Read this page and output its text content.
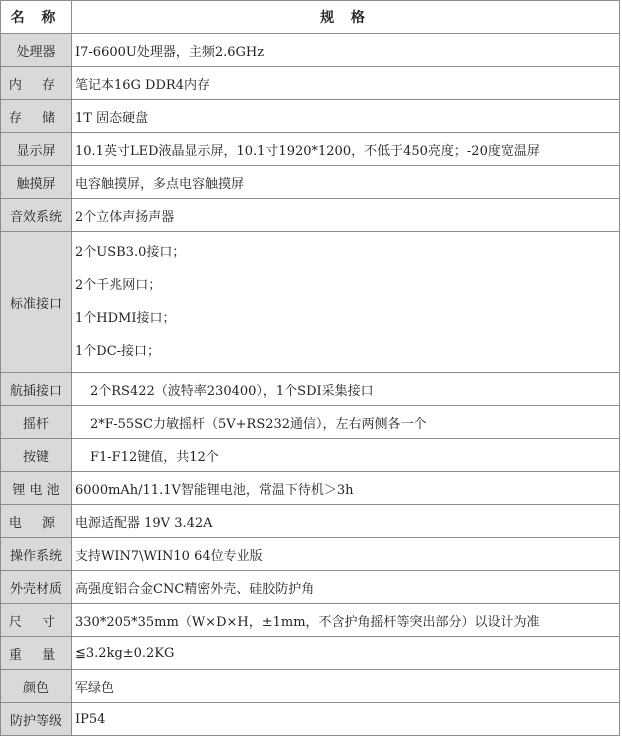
名 称	规 格
处理器	I7-6600U处理器，主频2.6GHz
内 存	笔记本16G DDR4内存
存 储	1T 固态硬盘
显示屏	10.1英寸LED液晶显示屏，10.1寸1920*1200，不低于450亮度；-20度宽温屏
触摸屏	电容触摸屏，多点电容触摸屏
音效系统	2个立体声扬声器
标准接口	2个USB3.0接口；
2个千兆网口；
1个HDMI接口；
1个DC-接口；

航插接口	2个RS422（波特率230400），1个SDI采集接口
摇杆	2*F-55SC力敏摇杆（5V+RS232通信），左右两侧各一个
按键	F1-F12键值，共12个
锂 电 池	6000mAh/11.1V智能锂电池，常温下待机＞3h
电 源	电源适配器 19V 3.42A
操作系统	支持WIN7\WIN10 64位专业版
外壳材质	高强度铝合金CNC精密外壳、硅胶防护角
尺 寸	330*205*35mm（W×D×H，±1mm，不含护角摇杆等突出部分）以设计为准
重 量	≦3.2kg±0.2KG
颜色	军绿色
防护等级	IP54
